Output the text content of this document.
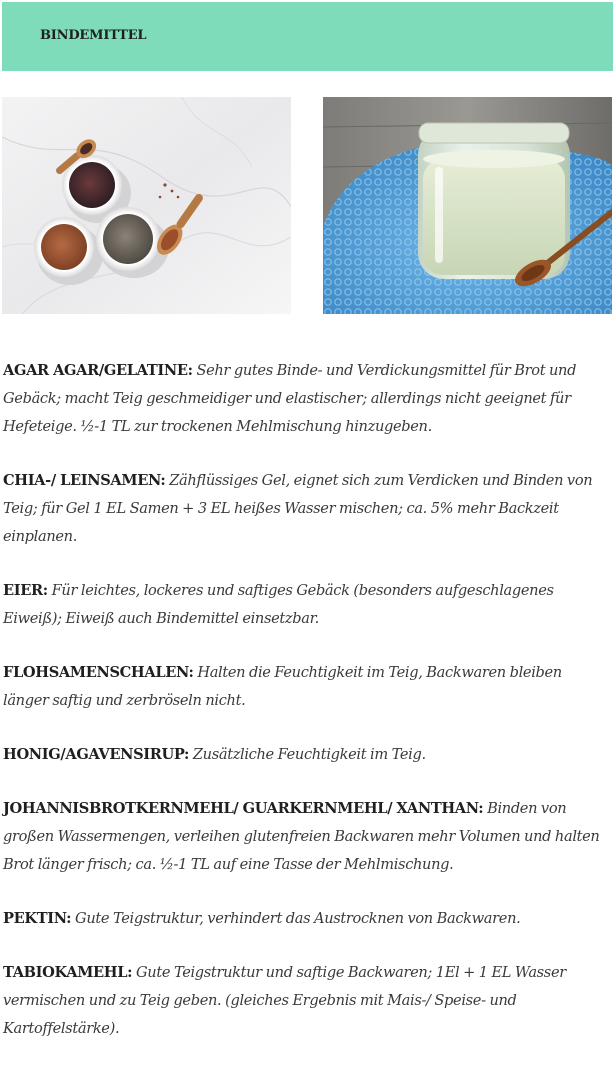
BINDEMITTEL

AGAR AGAR/GELATINE: Sehr gutes Binde- und Verdickungsmittel für Brot und Gebäck; macht Teig geschmeidiger und elastischer; allerdings nicht geeignet für Hefeteige. ½-1 TL zur trockenen Mehlmischung hinzugeben.

CHIA-/ LEINSAMEN: Zähflüssiges Gel, eignet sich zum Verdicken und Binden von Teig; für Gel 1 EL Samen + 3 EL heißes Wasser mischen; ca. 5% mehr Backzeit einplanen.

EIER: Für leichtes, lockeres und saftiges Gebäck (besonders aufgeschlagenes Eiweiß); Eiweiß auch Bindemittel einsetzbar.

FLOHSAMENSCHALEN: Halten die Feuchtigkeit im Teig, Backwaren bleiben länger saftig und zerbröseln nicht.

HONIG/AGAVENSIRUP: Zusätzliche Feuchtigkeit im Teig.

JOHANNISBROTKERNMEHL/ GUARKERNMEHL/ XANTHAN: Binden von großen Wassermengen, verleihen glutenfreien Backwaren mehr Volumen und halten Brot länger frisch; ca. ½-1 TL auf eine Tasse der Mehlmischung.

PEKTIN: Gute Teigstruktur, verhindert das Austrocknen von Backwaren.

TABIOKAMEHL: Gute Teigstruktur und saftige Backwaren; 1El + 1 EL Wasser vermischen und zu Teig geben. (gleiches Ergebnis mit Mais-/ Speise- und Kartoffelstärke).
